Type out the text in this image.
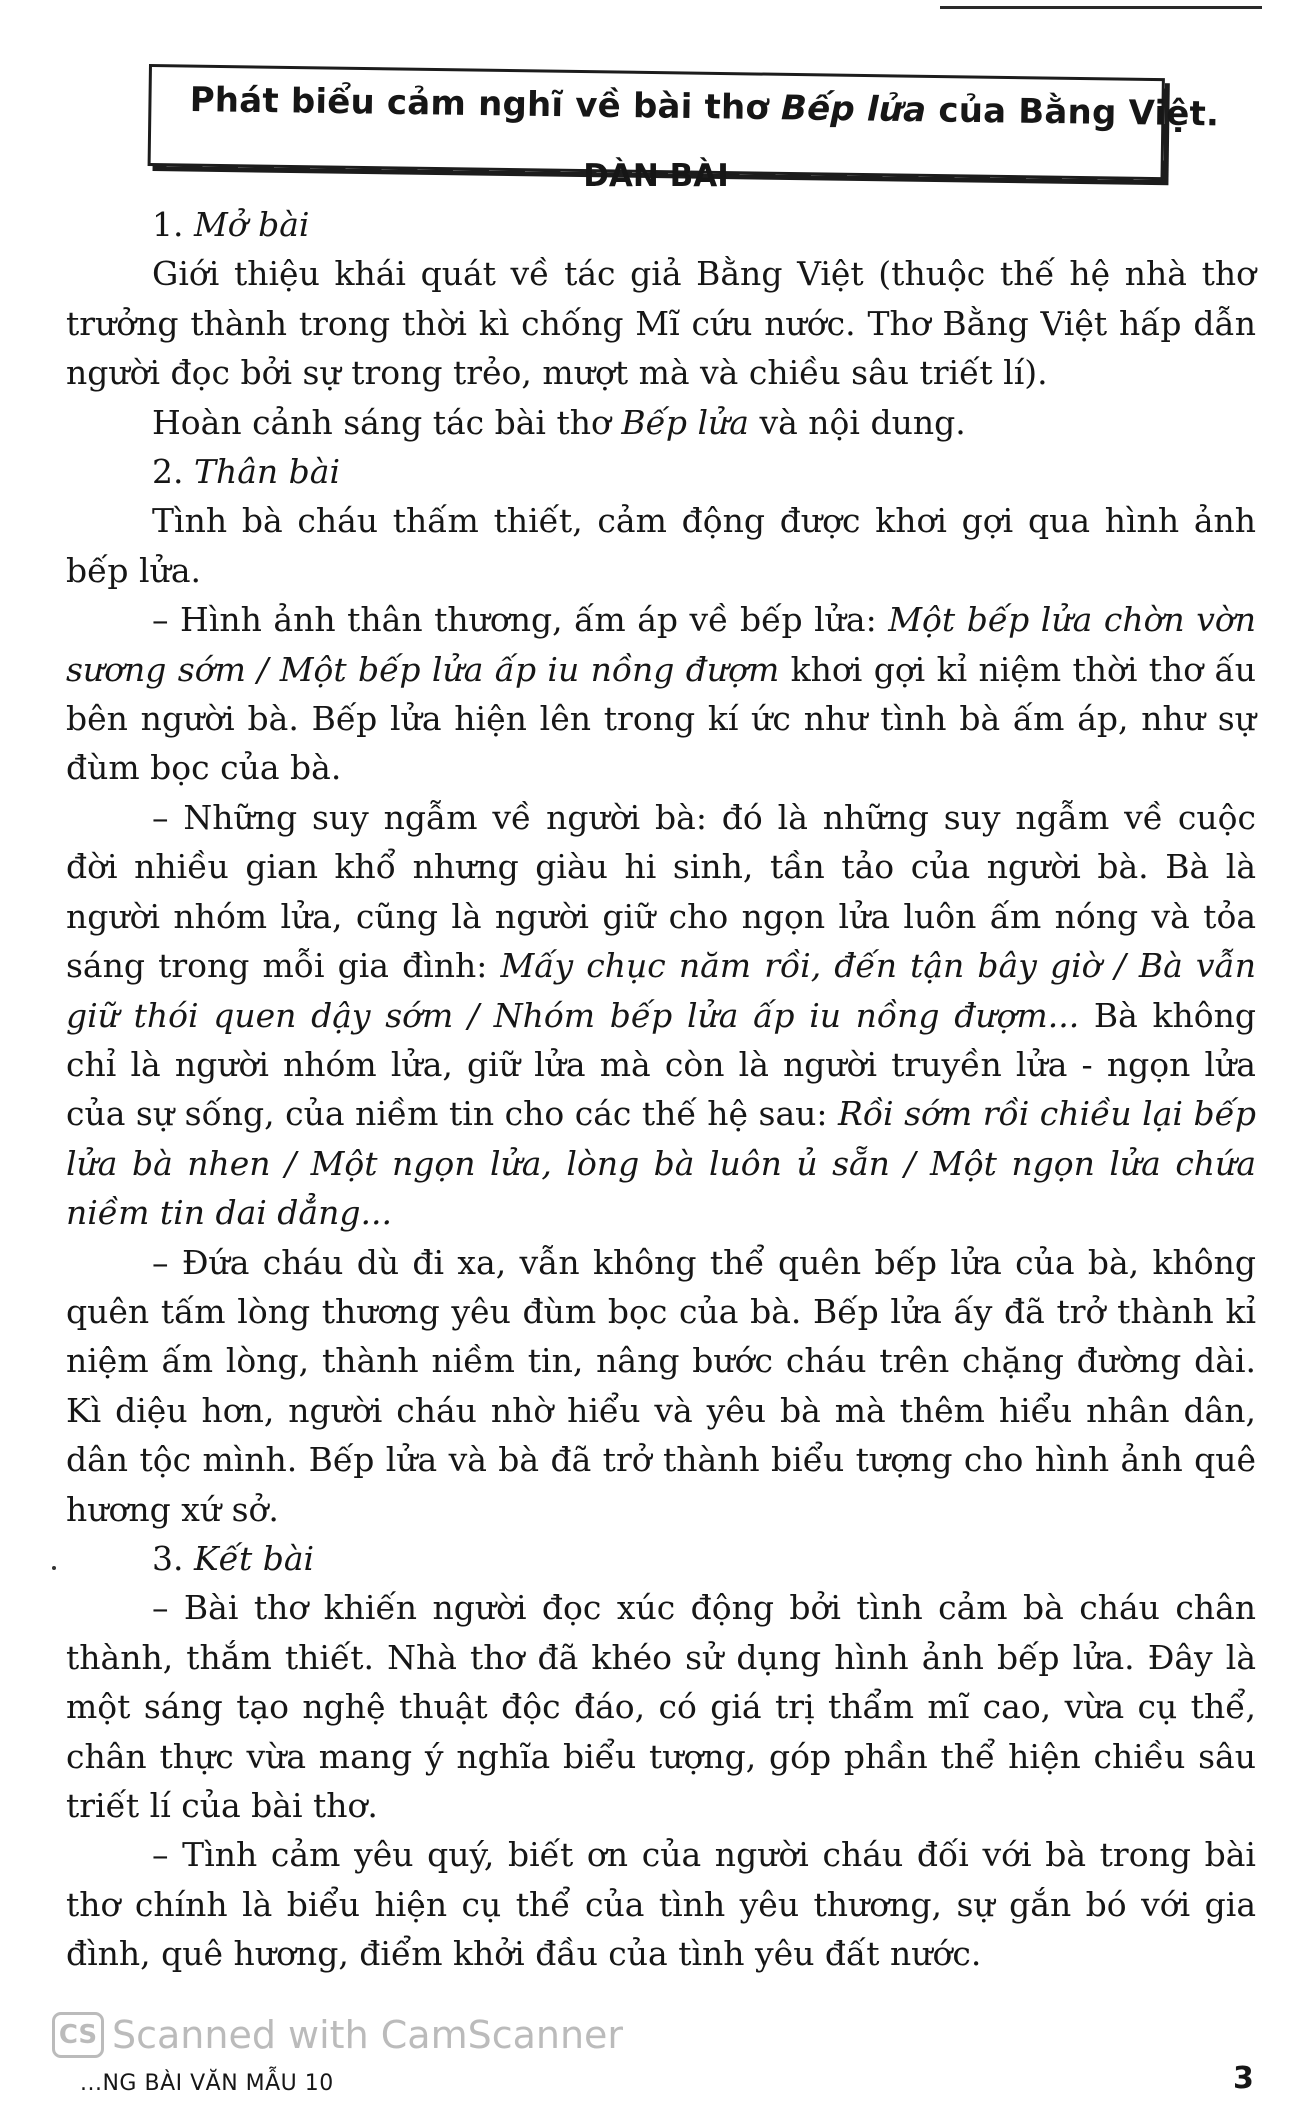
Phát biểu cảm nghĩ về bài thơ Bếp lửa của Bằng Việt.
DÀN BÀI

1. Mở bài

Giới thiệu khái quát về tác giả Bằng Việt (thuộc thế hệ nhà thơ trưởng thành trong thời kì chống Mĩ cứu nước. Thơ Bằng Việt hấp dẫn người đọc bởi sự trong trẻo, mượt mà và chiều sâu triết lí).

Hoàn cảnh sáng tác bài thơ Bếp lửa và nội dung.

2. Thân bài

Tình bà cháu thấm thiết, cảm động được khơi gợi qua hình ảnh bếp lửa.

– Hình ảnh thân thương, ấm áp về bếp lửa: Một bếp lửa chờn vờn sương sớm / Một bếp lửa ấp iu nồng đượm khơi gợi kỉ niệm thời thơ ấu bên người bà. Bếp lửa hiện lên trong kí ức như tình bà ấm áp, như sự đùm bọc của bà.

– Những suy ngẫm về người bà: đó là những suy ngẫm về cuộc đời nhiều gian khổ nhưng giàu hi sinh, tần tảo của người bà. Bà là người nhóm lửa, cũng là người giữ cho ngọn lửa luôn ấm nóng và tỏa sáng trong mỗi gia đình: Mấy chục năm rồi, đến tận bây giờ / Bà vẫn giữ thói quen dậy sớm / Nhóm bếp lửa ấp iu nồng đượm... Bà không chỉ là người nhóm lửa, giữ lửa mà còn là người truyền lửa - ngọn lửa của sự sống, của niềm tin cho các thế hệ sau: Rồi sớm rồi chiều lại bếp lửa bà nhen / Một ngọn lửa, lòng bà luôn ủ sẵn / Một ngọn lửa chứa niềm tin dai dẳng...

– Đứa cháu dù đi xa, vẫn không thể quên bếp lửa của bà, không quên tấm lòng thương yêu đùm bọc của bà. Bếp lửa ấy đã trở thành kỉ niệm ấm lòng, thành niềm tin, nâng bước cháu trên chặng đường dài. Kì diệu hơn, người cháu nhờ hiểu và yêu bà mà thêm hiểu nhân dân, dân tộc mình. Bếp lửa và bà đã trở thành biểu tượng cho hình ảnh quê hương xứ sở.

3. Kết bài

– Bài thơ khiến người đọc xúc động bởi tình cảm bà cháu chân thành, thắm thiết. Nhà thơ đã khéo sử dụng hình ảnh bếp lửa. Đây là một sáng tạo nghệ thuật độc đáo, có giá trị thẩm mĩ cao, vừa cụ thể, chân thực vừa mang ý nghĩa biểu tượng, góp phần thể hiện chiều sâu triết lí của bài thơ.

– Tình cảm yêu quý, biết ơn của người cháu đối với bà trong bài thơ chính là biểu hiện cụ thể của tình yêu thương, sự gắn bó với gia đình, quê hương, điểm khởi đầu của tình yêu đất nước.

CS Scanned with CamScanner
...NG BÀI VĂN MẪU 10	3
